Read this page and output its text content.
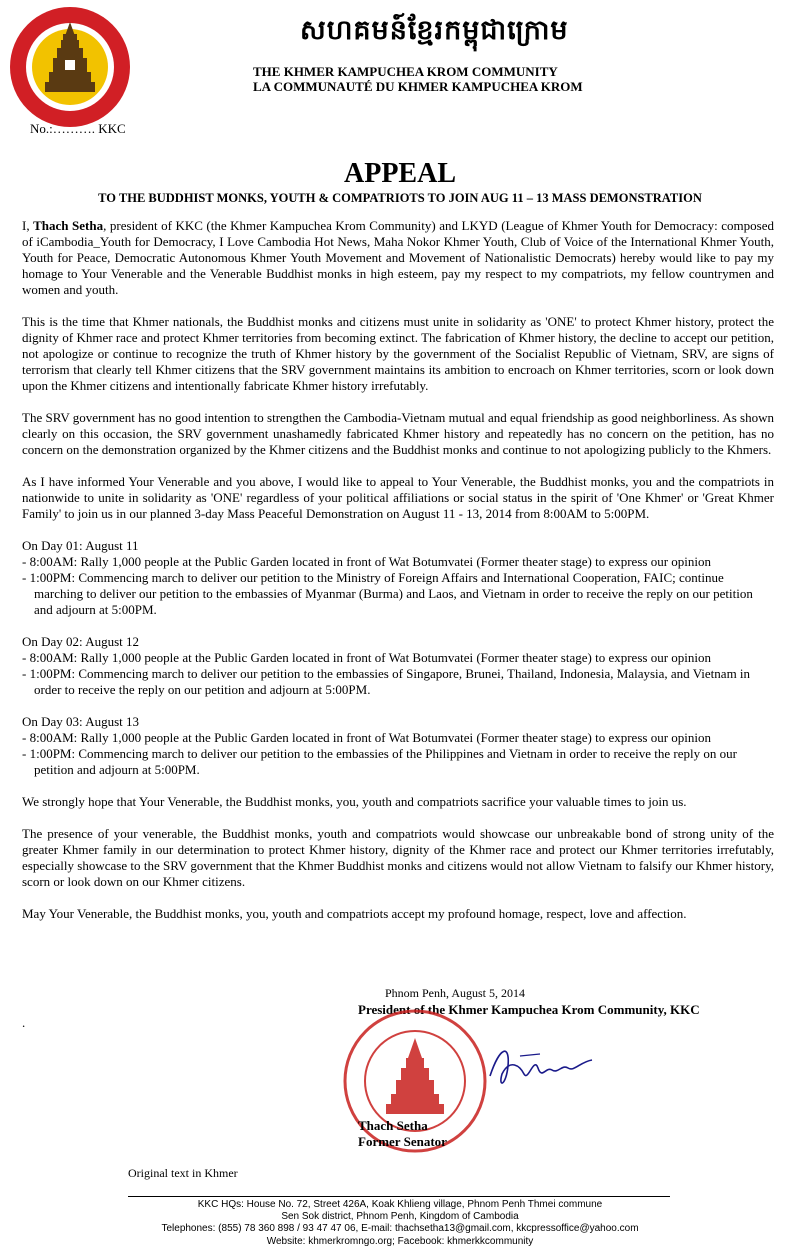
សហគមន៍ខ្មែរកម្ពុជាក្រោម
THE KHMER KAMPUCHEA KROM COMMUNITY
LA COMMUNAUTÉ DU KHMER KAMPUCHEA KROM
No.:………. KKC
APPEAL
TO THE BUDDHIST MONKS, YOUTH & COMPATRIOTS TO JOIN AUG 11 – 13 MASS DEMONSTRATION

I, Thach Setha, president of KKC (the Khmer Kampuchea Krom Community) and LKYD (League of Khmer Youth for Democracy: composed of iCambodia_Youth for Democracy, I Love Cambodia Hot News, Maha Nokor Khmer Youth, Club of Voice of the International Khmer Youth, Youth for Peace, Democratic Autonomous Khmer Youth Movement and Movement of Nationalistic Democrats) hereby would like to pay my homage to Your Venerable and the Venerable Buddhist monks in high esteem, pay my respect to my compatriots, my fellow countrymen and women and youth.

This is the time that Khmer nationals, the Buddhist monks and citizens must unite in solidarity as 'ONE' to protect Khmer history, protect the dignity of Khmer race and protect Khmer territories from becoming extinct. The fabrication of Khmer history, the decline to accept our petition, not apologize or continue to recognize the truth of Khmer history by the government of the Socialist Republic of Vietnam, SRV, are signs of terrorism that clearly tell Khmer citizens that the SRV government maintains its ambition to encroach on Khmer territories, scorn or look down upon the Khmer citizens and intentionally fabricate Khmer history irrefutably.

The SRV government has no good intention to strengthen the Cambodia-Vietnam mutual and equal friendship as good neighborliness. As shown clearly on this occasion, the SRV government unashamedly fabricated Khmer history and repeatedly has no concern on the petition, has no concern on the demonstration organized by the Khmer citizens and the Buddhist monks and continue to not apologizing publicly to the Khmers.

As I have informed Your Venerable and you above, I would like to appeal to Your Venerable, the Buddhist monks, you and the compatriots in nationwide to unite in solidarity as 'ONE' regardless of your political affiliations or social status in the spirit of 'One Khmer' or 'Great Khmer Family' to join us in our planned 3-day Mass Peaceful Demonstration on August 11 - 13, 2014 from 8:00AM to 5:00PM.

On Day 01: August 11
- 8:00AM: Rally 1,000 people at the Public Garden located in front of Wat Botumvatei (Former theater stage) to express our opinion
- 1:00PM: Commencing march to deliver our petition to the Ministry of Foreign Affairs and International Cooperation, FAIC; continue marching to deliver our petition to the embassies of Myanmar (Burma) and Laos, and Vietnam in order to receive the reply on our petition and adjourn at 5:00PM.
On Day 02: August 12
- 8:00AM: Rally 1,000 people at the Public Garden located in front of Wat Botumvatei (Former theater stage) to express our opinion
- 1:00PM: Commencing march to deliver our petition to the embassies of Singapore, Brunei, Thailand, Indonesia, Malaysia, and Vietnam in order to receive the reply on our petition and adjourn at 5:00PM.
On Day 03: August 13
- 8:00AM: Rally 1,000 people at the Public Garden located in front of Wat Botumvatei (Former theater stage) to express our opinion
- 1:00PM: Commencing march to deliver our petition to the embassies of the Philippines and Vietnam in order to receive the reply on our petition and adjourn at 5:00PM.

We strongly hope that Your Venerable, the Buddhist monks, you, youth and compatriots sacrifice your valuable times to join us.

The presence of your venerable, the Buddhist monks, youth and compatriots would showcase our unbreakable bond of strong unity of the greater Khmer family in our determination to protect Khmer history, dignity of the Khmer race and protect our Khmer territories irrefutably, especially showcase to the SRV government that the Khmer Buddhist monks and citizens would not allow Vietnam to falsify our Khmer history, scorn or look down on our Khmer citizens.

May Your Venerable, the Buddhist monks, you, youth and compatriots accept my profound homage, respect, love and affection.

Phnom Penh, August 5, 2014
President of the Khmer Kampuchea Krom Community, KKC
.
Thach Setha
Former Senator
Original text in Khmer
KKC HQs: House No. 72, Street 426A, Koak Khlieng village, Phnom Penh Thmei commune
Sen Sok district, Phnom Penh, Kingdom of Cambodia
Telephones: (855) 78 360 898 / 93 47 47 06, E-mail: thachsetha13@gmail.com, kkcpressoffice@yahoo.com
Website: khmerkromngo.org; Facebook: khmerkkcommunity
